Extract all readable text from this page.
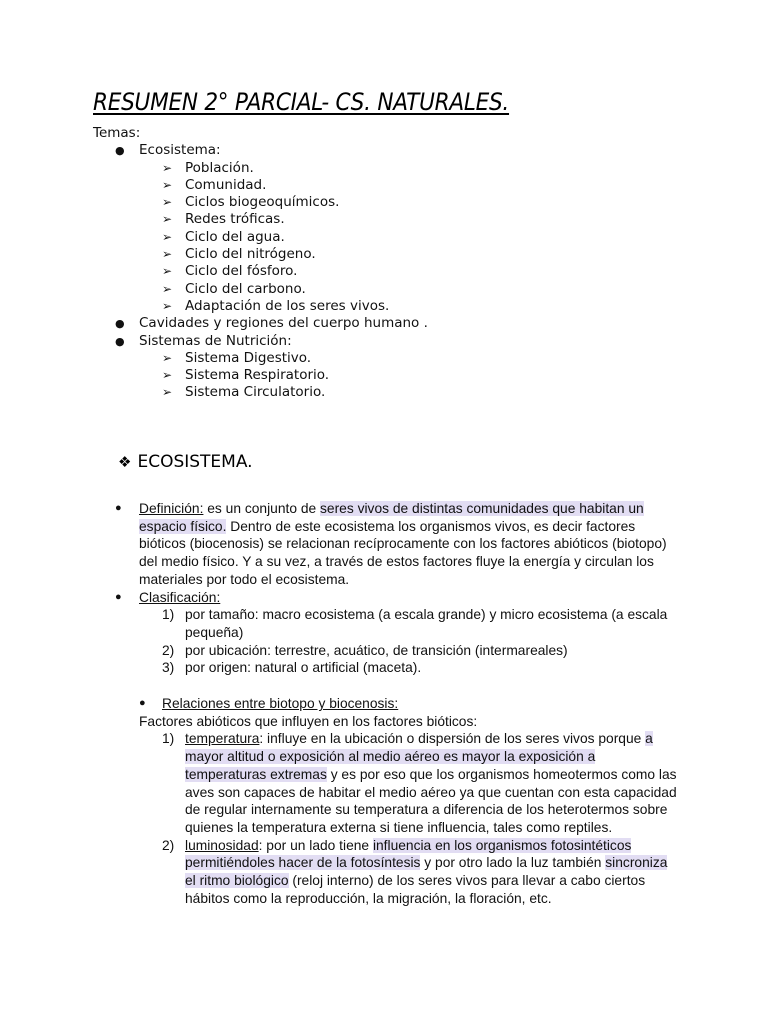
RESUMEN 2° PARCIAL- CS. NATURALES.
Temas:
● Ecosistema:
➢ Población.
➢ Comunidad.
➢ Ciclos biogeoquímicos.
➢ Redes tróficas.
➢ Ciclo del agua.
➢ Ciclo del nitrógeno.
➢ Ciclo del fósforo.
➢ Ciclo del carbono.
➢ Adaptación de los seres vivos.
● Cavidades y regiones del cuerpo humano .
● Sistemas de Nutrición:
➢ Sistema Digestivo.
➢ Sistema Respiratorio.
➢ Sistema Circulatorio.
❖ ECOSISTEMA.
● Definición: es un conjunto de seres vivos de distintas comunidades que habitan un espacio físico. Dentro de este ecosistema los organismos vivos, es decir factores bióticos (biocenosis) se relacionan recíprocamente con los factores abióticos (biotopo) del medio físico. Y a su vez, a través de estos factores fluye la energía y circulan los materiales por todo el ecosistema.
● Clasificación:
1) por tamaño: macro ecosistema (a escala grande) y micro ecosistema (a escala pequeña)
2) por ubicación: terrestre, acuático, de transición (intermareales)
3) por origen: natural o artificial (maceta).
● Relaciones entre biotopo y biocenosis:
Factores abióticos que influyen en los factores bióticos:
1) temperatura: influye en la ubicación o dispersión de los seres vivos porque a mayor altitud o exposición al medio aéreo es mayor la exposición a temperaturas extremas y es por eso que los organismos homeotermos como las aves son capaces de habitar el medio aéreo ya que cuentan con esta capacidad de regular internamente su temperatura a diferencia de los heterotermos sobre quienes la temperatura externa si tiene influencia, tales como reptiles.
2) luminosidad: por un lado tiene influencia en los organismos fotosintéticos permitiéndoles hacer de la fotosíntesis y por otro lado la luz también sincroniza el ritmo biológico (reloj interno) de los seres vivos para llevar a cabo ciertos hábitos como la reproducción, la migración, la floración, etc.
